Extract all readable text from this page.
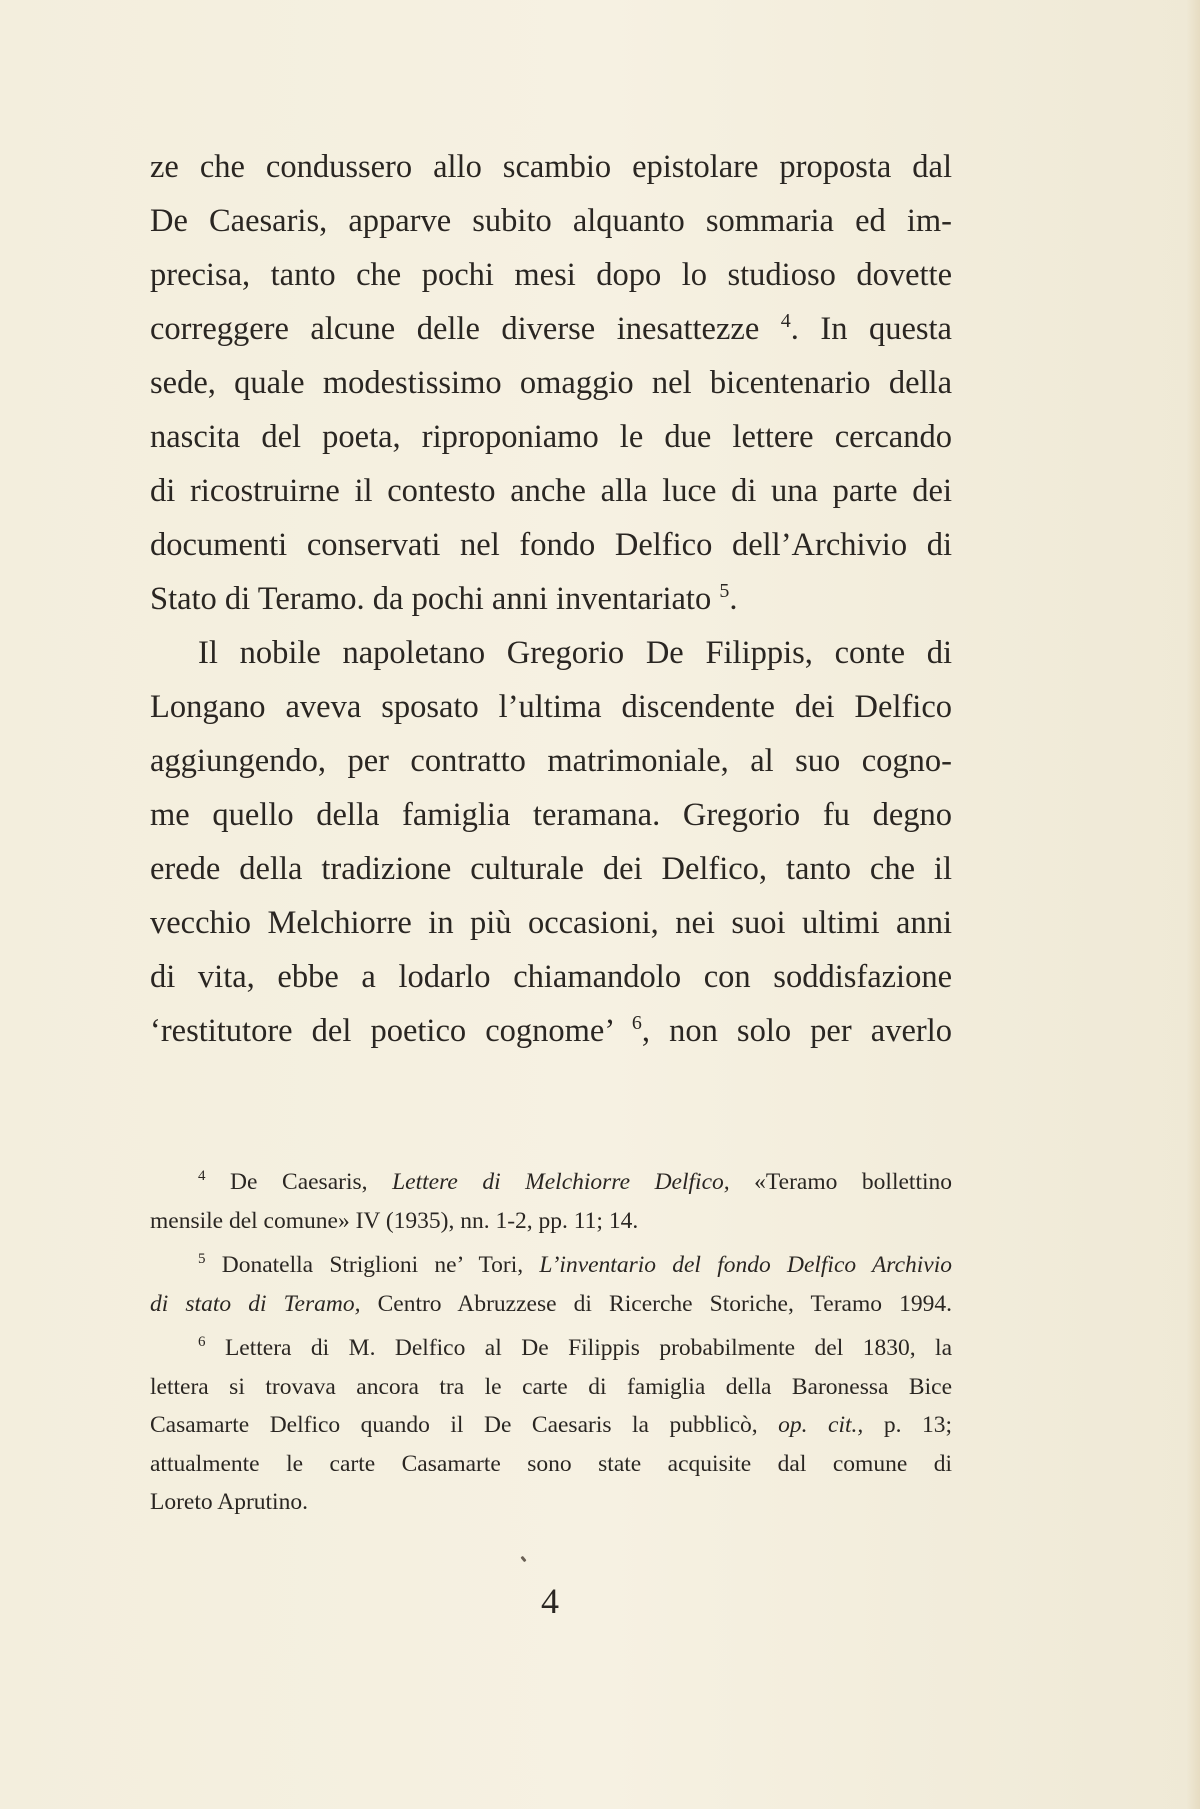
ze che condussero allo scambio epistolare proposta dal
De Caesaris, apparve subito alquanto sommaria ed im-
precisa, tanto che pochi mesi dopo lo studioso dovette
correggere alcune delle diverse inesattezze $^4$. In questa
sede, quale modestissimo omaggio nel bicentenario della
nascita del poeta, riproponiamo le due lettere cercando
di ricostruirne il contesto anche alla luce di una parte dei
documenti conservati nel fondo Delfico dell’Archivio di
Stato di Teramo. da pochi anni inventariato $^5$.
Il nobile napoletano Gregorio De Filippis, conte di
Longano aveva sposato l’ultima discendente dei Delfico
aggiungendo, per contratto matrimoniale, al suo cogno-
me quello della famiglia teramana. Gregorio fu degno
erede della tradizione culturale dei Delfico, tanto che il
vecchio Melchiorre in più occasioni, nei suoi ultimi anni
di vita, ebbe a lodarlo chiamandolo con soddisfazione
‘restitutore del poetico cognome’ $^6$, non solo per averlo
$^4$ De Caesaris, Lettere di Melchiorre Delfico, «Teramo bollettino
mensile del comune» IV (1935), nn. 1-2, pp. 11; 14.
$^5$ Donatella Striglioni ne’ Tori, L’inventario del fondo Delfico Archivio
di stato di Teramo, Centro Abruzzese di Ricerche Storiche, Teramo 1994.
$^6$ Lettera di M. Delfico al De Filippis probabilmente del 1830, la
lettera si trovava ancora tra le carte di famiglia della Baronessa Bice
Casamarte Delfico quando il De Caesaris la pubblicò, op. cit., p. 13;
attualmente le carte Casamarte sono state acquisite dal comune di
Loreto Aprutino.
4
